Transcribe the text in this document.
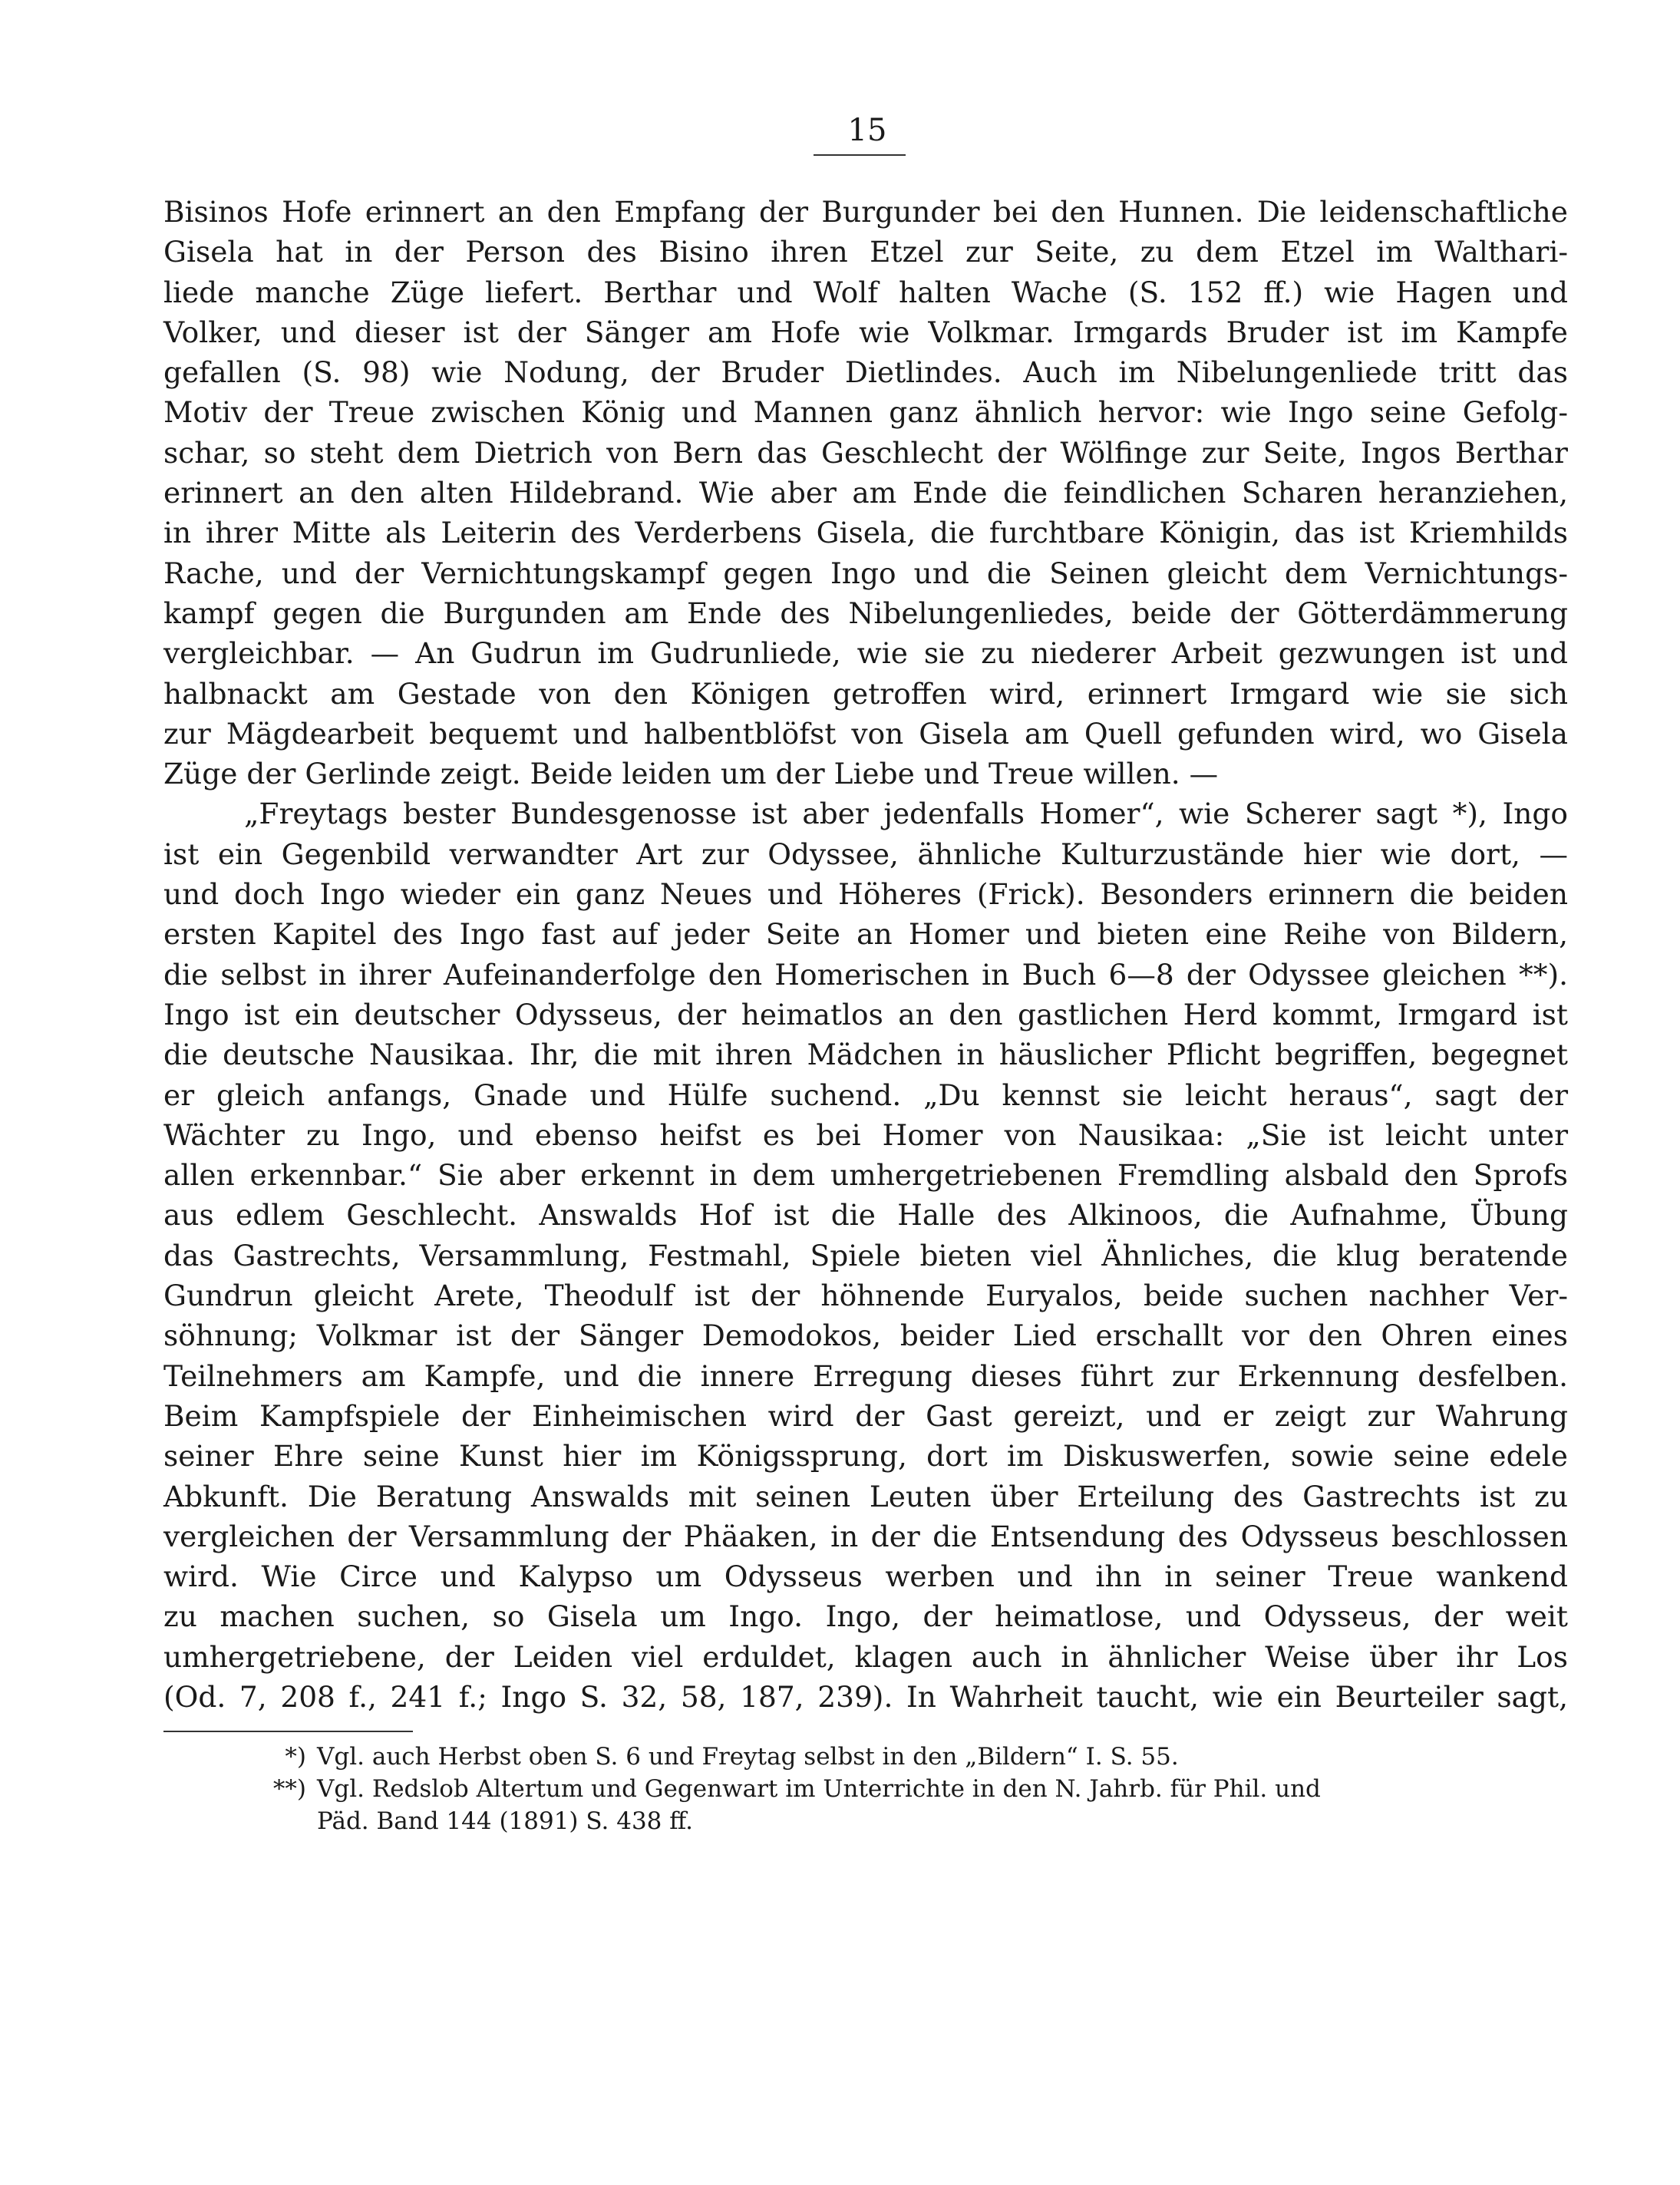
15
Bisinos Hofe erinnert an den Empfang der Burgunder bei den Hunnen. Die leidenschaftliche
Gisela hat in der Person des Bisino ihren Etzel zur Seite, zu dem Etzel im Walthari-
liede manche Züge liefert. Berthar und Wolf halten Wache (S. 152 ff.) wie Hagen und
Volker, und dieser ist der Sänger am Hofe wie Volkmar. Irmgards Bruder ist im Kampfe
gefallen (S. 98) wie Nodung, der Bruder Dietlindes. Auch im Nibelungenliede tritt das
Motiv der Treue zwischen König und Mannen ganz ähnlich hervor: wie Ingo seine Gefolg-
schar, so steht dem Dietrich von Bern das Geschlecht der Wölfinge zur Seite, Ingos Berthar
erinnert an den alten Hildebrand. Wie aber am Ende die feindlichen Scharen heranziehen,
in ihrer Mitte als Leiterin des Verderbens Gisela, die furchtbare Königin, das ist Kriemhilds
Rache, und der Vernichtungskampf gegen Ingo und die Seinen gleicht dem Vernichtungs-
kampf gegen die Burgunden am Ende des Nibelungenliedes, beide der Götterdämmerung
vergleichbar. — An Gudrun im Gudrunliede, wie sie zu niederer Arbeit gezwungen ist und
halbnackt am Gestade von den Königen getroffen wird, erinnert Irmgard wie sie sich
zur Mägdearbeit bequemt und halbentblöfst von Gisela am Quell gefunden wird, wo Gisela
Züge der Gerlinde zeigt. Beide leiden um der Liebe und Treue willen. —
„Freytags bester Bundesgenosse ist aber jedenfalls Homer“, wie Scherer sagt *), Ingo
ist ein Gegenbild verwandter Art zur Odyssee, ähnliche Kulturzustände hier wie dort, —
und doch Ingo wieder ein ganz Neues und Höheres (Frick). Besonders erinnern die beiden
ersten Kapitel des Ingo fast auf jeder Seite an Homer und bieten eine Reihe von Bildern,
die selbst in ihrer Aufeinanderfolge den Homerischen in Buch 6—8 der Odyssee gleichen **).
Ingo ist ein deutscher Odysseus, der heimatlos an den gastlichen Herd kommt, Irmgard ist
die deutsche Nausikaa. Ihr, die mit ihren Mädchen in häuslicher Pflicht begriffen, begegnet
er gleich anfangs, Gnade und Hülfe suchend. „Du kennst sie leicht heraus“, sagt der
Wächter zu Ingo, und ebenso heifst es bei Homer von Nausikaa: „Sie ist leicht unter
allen erkennbar.“ Sie aber erkennt in dem umhergetriebenen Fremdling alsbald den Sprofs
aus edlem Geschlecht. Answalds Hof ist die Halle des Alkinoos, die Aufnahme, Übung
das Gastrechts, Versammlung, Festmahl, Spiele bieten viel Ähnliches, die klug beratende
Gundrun gleicht Arete, Theodulf ist der höhnende Euryalos, beide suchen nachher Ver-
söhnung; Volkmar ist der Sänger Demodokos, beider Lied erschallt vor den Ohren eines
Teilnehmers am Kampfe, und die innere Erregung dieses führt zur Erkennung desfelben.
Beim Kampfspiele der Einheimischen wird der Gast gereizt, und er zeigt zur Wahrung
seiner Ehre seine Kunst hier im Königssprung, dort im Diskuswerfen, sowie seine edele
Abkunft. Die Beratung Answalds mit seinen Leuten über Erteilung des Gastrechts ist zu
vergleichen der Versammlung der Phäaken, in der die Entsendung des Odysseus beschlossen
wird. Wie Circe und Kalypso um Odysseus werben und ihn in seiner Treue wankend
zu machen suchen, so Gisela um Ingo. Ingo, der heimatlose, und Odysseus, der weit
umhergetriebene, der Leiden viel erduldet, klagen auch in ähnlicher Weise über ihr Los
(Od. 7, 208 f., 241 f.; Ingo S. 32, 58, 187, 239). In Wahrheit taucht, wie ein Beurteiler sagt,
*) Vgl. auch Herbst oben S. 6 und Freytag selbst in den „Bildern“ I. S. 55.
**) Vgl. Redslob Altertum und Gegenwart im Unterrichte in den N. Jahrb. für Phil. und
Päd. Band 144 (1891) S. 438 ff.
